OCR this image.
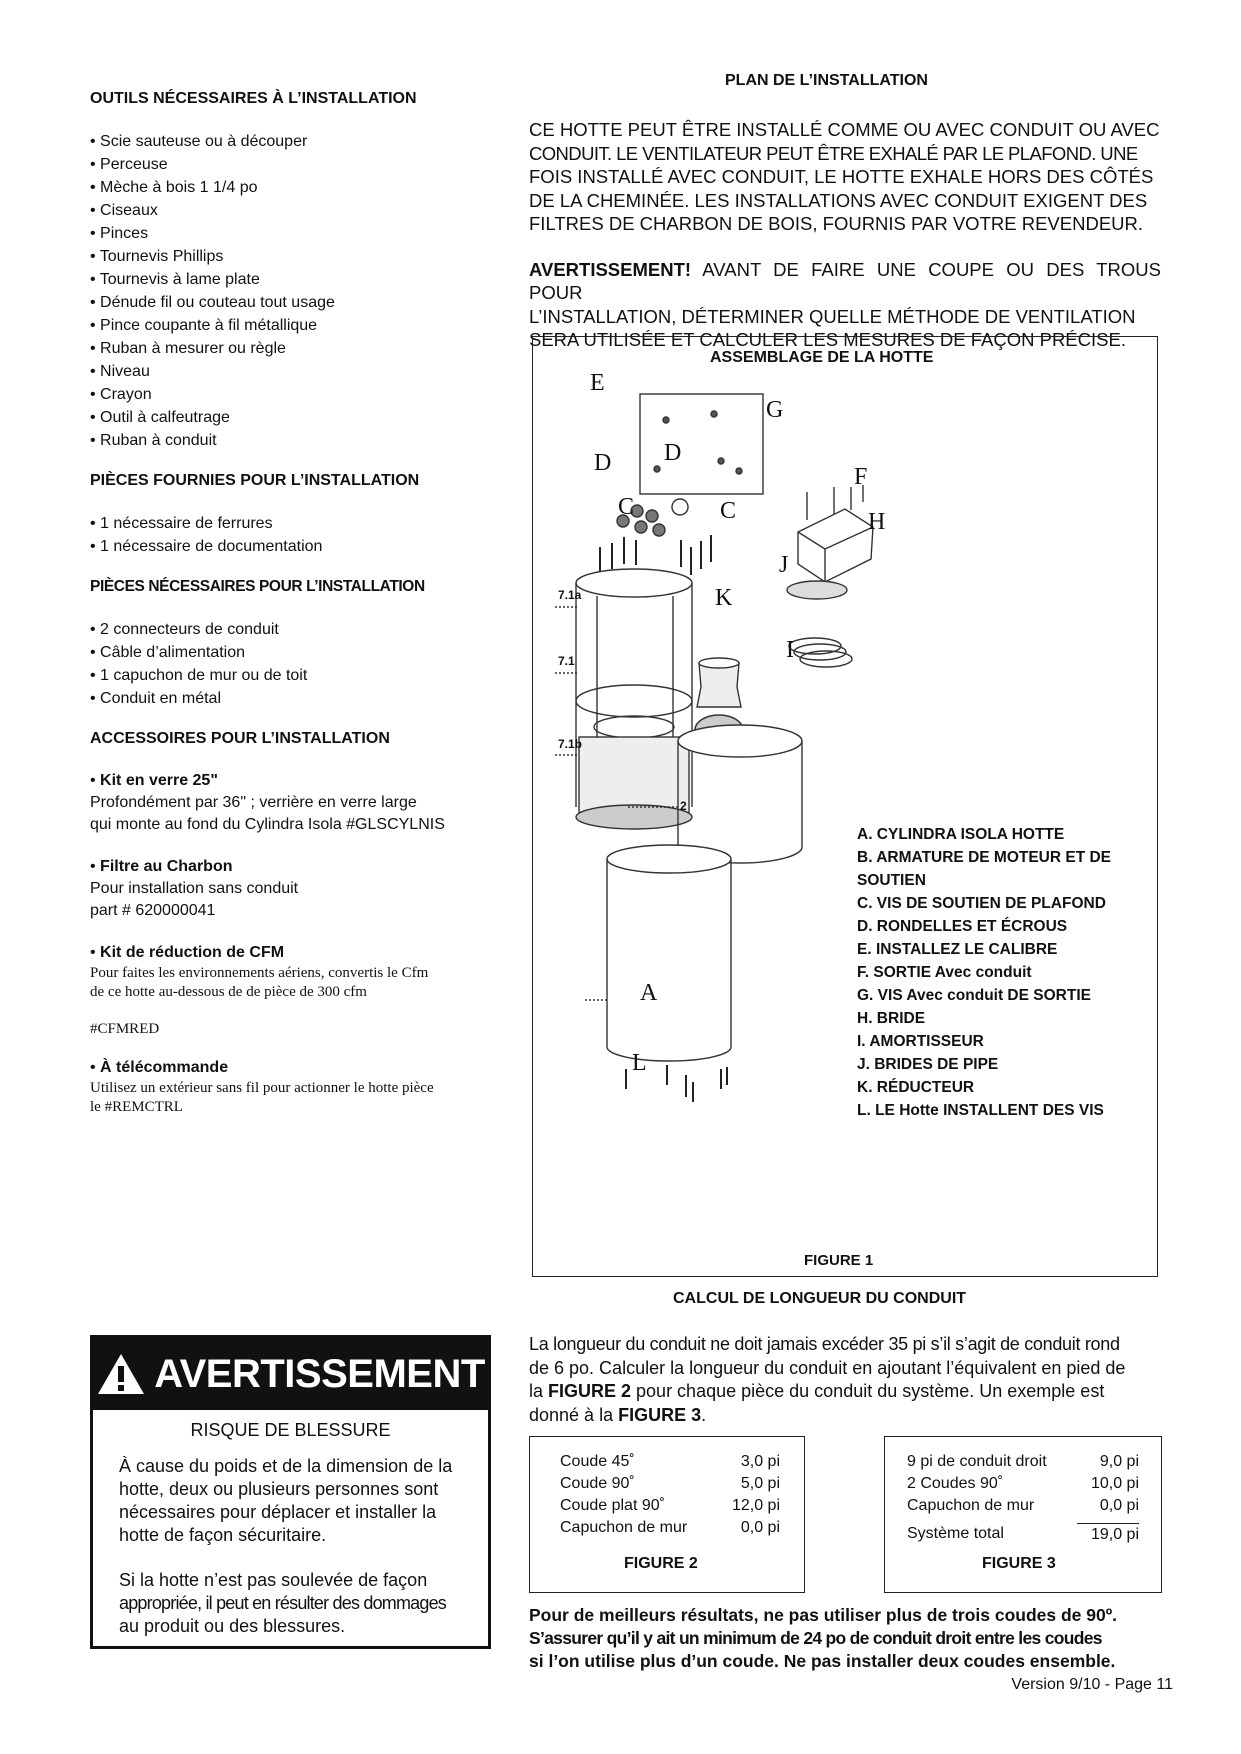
OUTILS NÉCESSAIRES À L’INSTALLATION
• Scie sauteuse ou à découper
• Perceuse
• Mèche à bois 1 1/4 po
• Ciseaux
• Pinces
• Tournevis Phillips
• Tournevis à lame plate
• Dénude fil ou couteau tout usage
• Pince coupante à fil métallique
• Ruban à mesurer ou règle
• Niveau
• Crayon
• Outil à calfeutrage
• Ruban à conduit
PIÈCES FOURNIES POUR L’INSTALLATION
• 1 nécessaire de ferrures
• 1 nécessaire de documentation
PIÈCES NÉCESSAIRES POUR L’INSTALLATION
• 2 connecteurs de conduit
• Câble d’alimentation
• 1 capuchon de mur ou de toit
• Conduit en métal
ACCESSOIRES POUR L’INSTALLATION

• Kit en verre 25"

Profondément par 36" ; verrière en verre large

qui monte au fond du Cylindra Isola #GLSCYLNIS

• Filtre au Charbon

Pour installation sans conduit

part # 620000041

• Kit de réduction de CFM

Pour faites les environnements aériens, convertis le Cfm

de ce hotte au-dessous de de pièce de 300 cfm

#CFMRED

• À télécommande

Utilisez un extérieur sans fil pour actionner le hotte pièce

le #REMCTRL

AVERTISSEMENT
RISQUE DE BLESSURE
À cause du poids et de la dimension de la
hotte, deux ou plusieurs personnes sont
nécessaires pour déplacer et installer la
hotte de façon sécuritaire.
Si la hotte n’est pas soulevée de façon
appropriée, il peut en résulter des dommages
au produit ou des blessures.
PLAN DE L’INSTALLATION
CE HOTTE PEUT ÊTRE INSTALLÉ COMME OU AVEC CONDUIT OU AVEC
CONDUIT. LE VENTILATEUR PEUT ÊTRE EXHALÉ PAR LE PLAFOND. UNE
FOIS INSTALLÉ AVEC CONDUIT, LE HOTTE EXHALE HORS DES CÔTÉS
DE LA CHEMINÉE. LES INSTALLATIONS AVEC CONDUIT EXIGENT DES
FILTRES DE CHARBON DE BOIS, FOURNIS PAR VOTRE REVENDEUR.
AVERTISSEMENT! AVANT DE FAIRE UNE COUPE OU DES TROUS POUR
L’INSTALLATION, DÉTERMINER QUELLE MÉTHODE DE VENTILATION
SERA UTILISÉE ET CALCULER LES MESURES DE FAÇON PRÉCISE.
ASSEMBLAGE DE LA HOTTE
E
G
D D
F
C	C	H
J
K
I
A
L
7.1a
7.1
7.1b
2
A. CYLINDRA ISOLA HOTTE
B. ARMATURE DE MOTEUR ET DE
SOUTIEN
C. VIS DE SOUTIEN DE PLAFOND
D. RONDELLES ET ÉCROUS
E. INSTALLEZ LE CALIBRE
F. SORTIE Avec conduit
G. VIS Avec conduit DE SORTIE
H. BRIDE
I. AMORTISSEUR
J. BRIDES DE PIPE
K. RÉDUCTEUR
L. LE Hotte INSTALLENT DES VIS
FIGURE 1
CALCUL DE LONGUEUR DU CONDUIT
La longueur du conduit ne doit jamais excéder 35 pi s’il s’agit de conduit rond
de 6 po. Calculer la longueur du conduit en ajoutant l’équivalent en pied de
la FIGURE 2 pour chaque pièce du conduit du système. Un exemple est
donné à la FIGURE 3.
Coude 45˚	3,0 pi
Coude 90˚	5,0 pi
Coude plat 90˚	12,0 pi
Capuchon de mur	0,0 pi
FIGURE 2
9 pi de conduit droit	9,0 pi
2 Coudes 90˚	10,0 pi
Capuchon de mur	0,0 pi
Système total	19,0 pi
FIGURE 3
Pour de meilleurs résultats, ne pas utiliser plus de trois coudes de 90º.
S’assurer qu’il y ait un minimum de 24 po de conduit droit entre les coudes
si l’on utilise plus d’un coude. Ne pas installer deux coudes ensemble.
Version 9/10 - Page 11
